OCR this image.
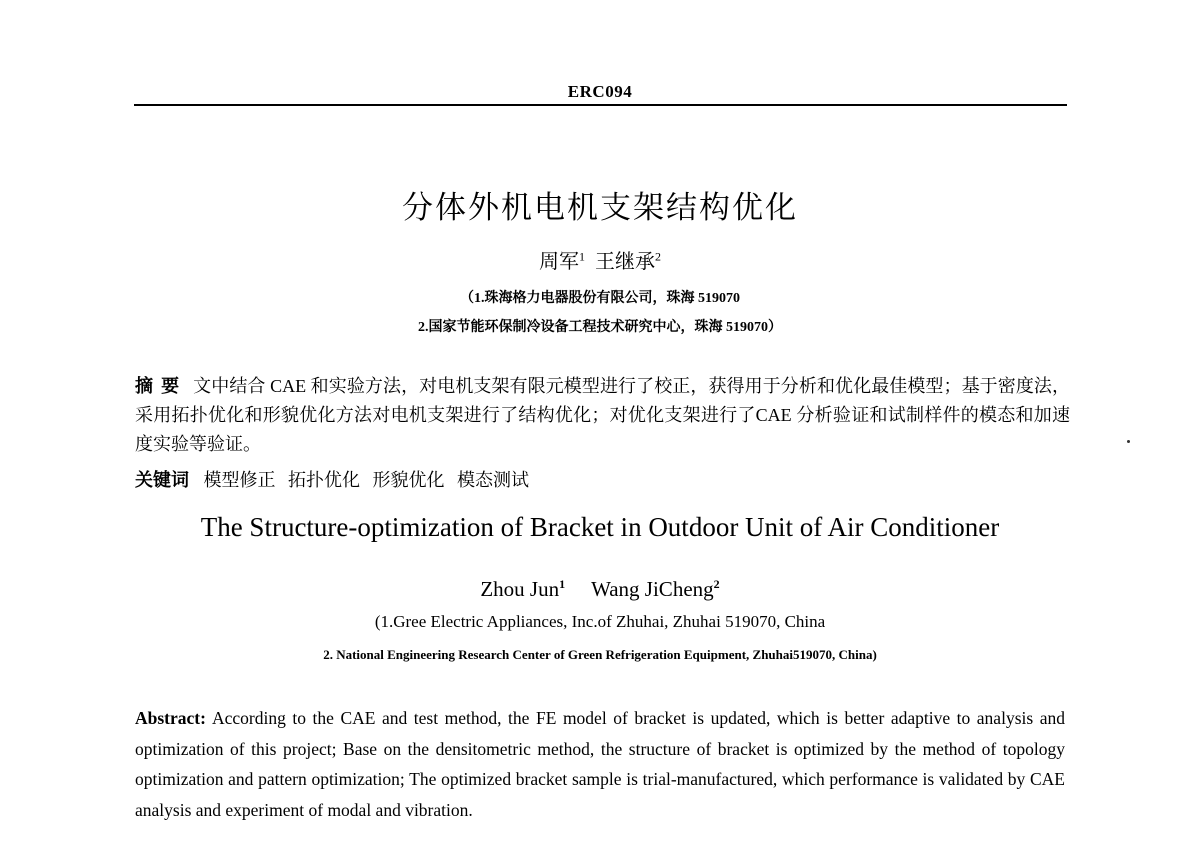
ERC094
分体外机电机支架结构优化
周军$^1$ 王继承$^2$
（1.珠海格力电器股份有限公司，珠海 519070
2.国家节能环保制冷设备工程技术研究中心，珠海 519070）
摘要 文中结合 CAE 和实验方法，对电机支架有限元模型进行了校正，获得用于分析和优化最佳模型；基于密度法，采用拓扑优化和形貌优化方法对电机支架进行了结构优化；对优化支架进行了CAE 分析验证和试制样件的模态和加速度实验等验证。
关键词 模型修正 拓扑优化 形貌优化 模态测试
The Structure-optimization of Bracket in Outdoor Unit of Air Conditioner
Zhou Jun$^1$ Wang JiCheng$^2$
(1.Gree Electric Appliances, Inc.of Zhuhai, Zhuhai 519070, China
2. National Engineering Research Center of Green Refrigeration Equipment, Zhuhai519070, China)
Abstract: According to the CAE and test method, the FE model of bracket is updated, which is better adaptive to analysis and optimization of this project; Base on the densitometric method, the structure of bracket is optimized by the method of topology optimization and pattern optimization; The optimized bracket sample is trial-manufactured, which performance is validated by CAE analysis and experiment of modal and vibration.
